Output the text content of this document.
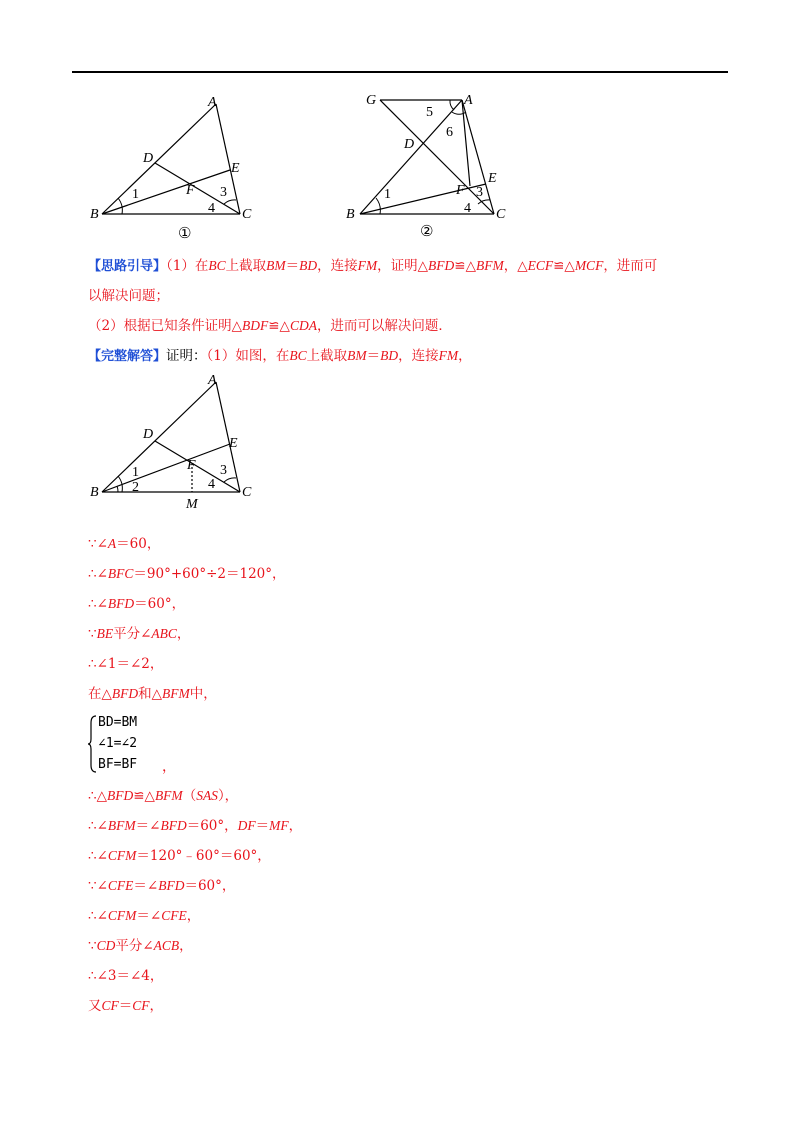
A
B	C
D
E
F
1	3
4
①
G	A
B	C
D
E
F
5
6
1	3
4
②
【思路引导】（1）在BC上截取BM＝BD，连接FM，证明△BFD≌△BFM，△ECF≌△MCF，进而可
以解决问题；
（2）根据已知条件证明△BDF≌△CDA，进而可以解决问题．
【完整解答】证明：（1）如图，在BC上截取BM＝BD，连接FM，
A
B	C
D
E
F
M
1
2
3
4
∵∠A＝60，
∴∠BFC＝90°+60°÷2＝120°，
∴∠BFD＝60°，
∵BE平分∠ABC，
∴∠1＝∠2，
在△BFD和△BFM中，
BD=BM
∠1=∠2
BF=BF ，
∴△BFD≌△BFM（SAS），
∴∠BFM＝∠BFD＝60°，DF＝MF，
∴∠CFM＝120°﹣60°＝60°，
∵∠CFE＝∠BFD＝60°，
∴∠CFM＝∠CFE，
∵CD平分∠ACB，
∴∠3＝∠4，
又CF＝CF，
